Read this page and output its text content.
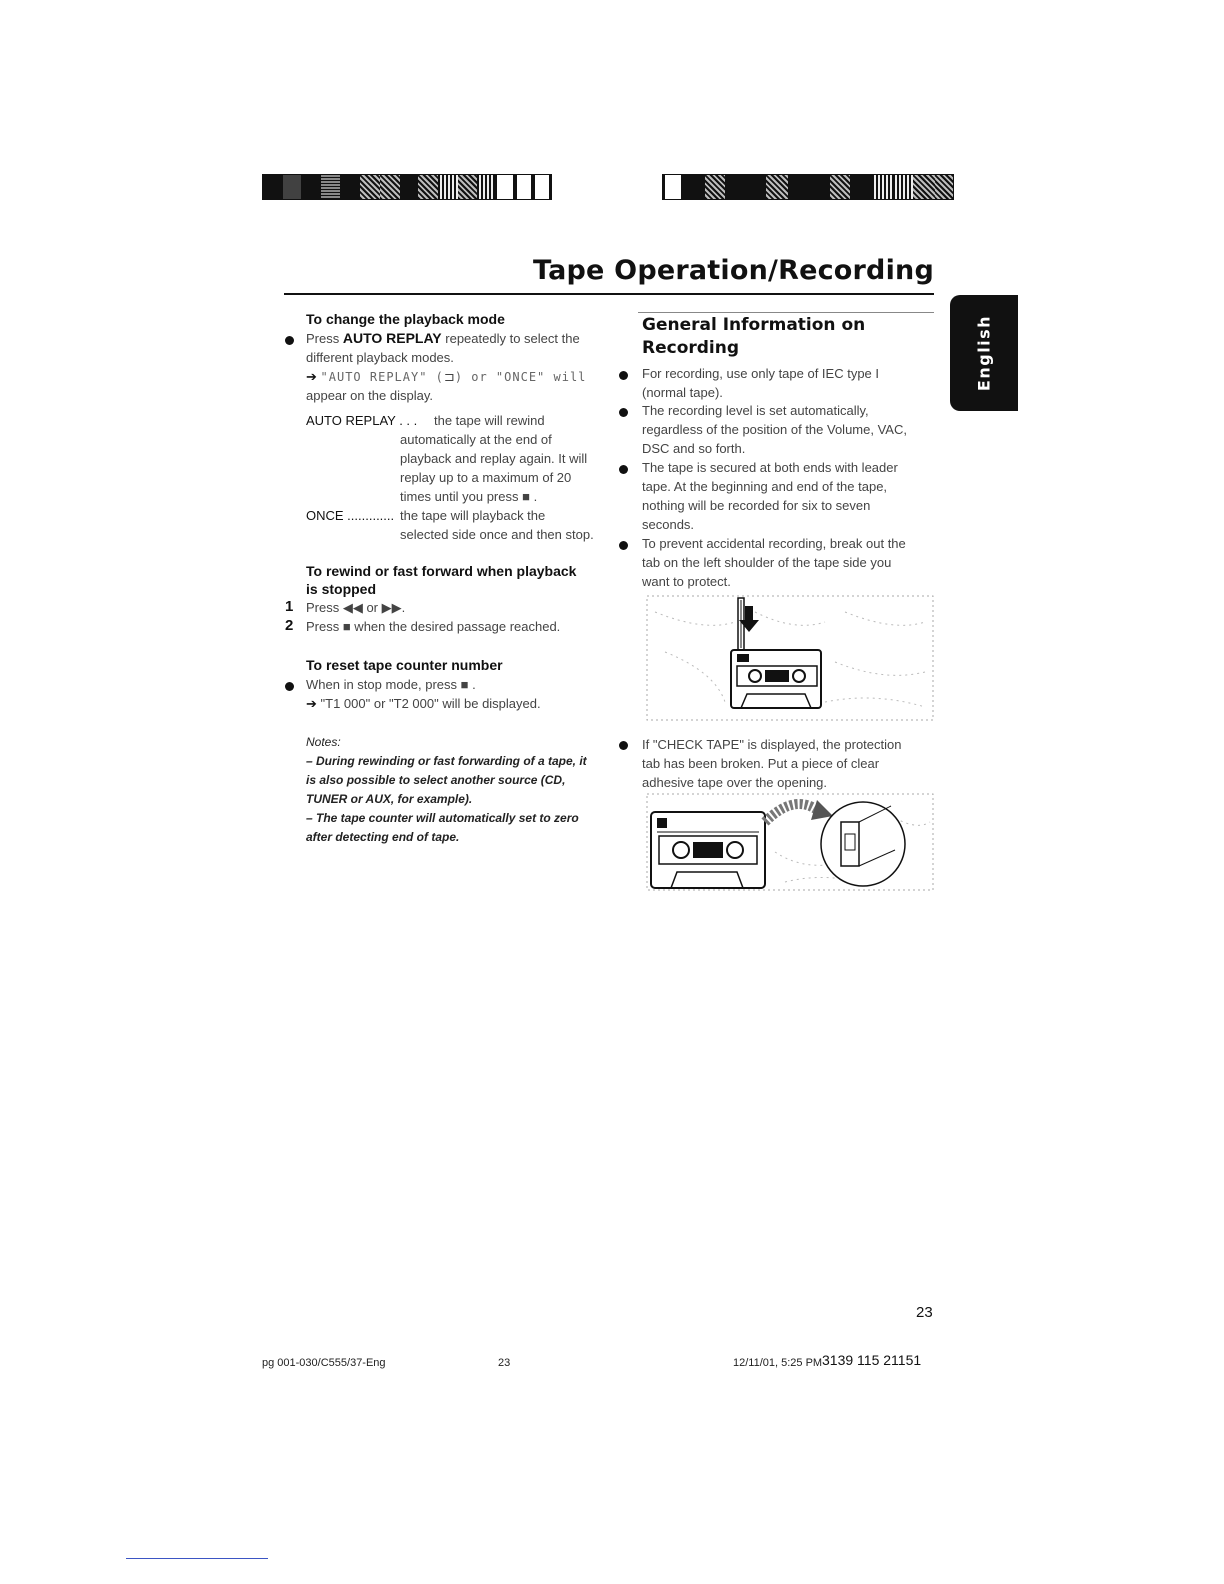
Tape Operation/Recording
English
To change the playback mode
Press AUTO REPLAY repeatedly to select the
different playback modes.
➔ "AUTO REPLAY" (⊐) or "ONCE" will
appear on the display.
AUTO REPLAY . . . the tape will rewind
automatically at the end of
playback and replay again. It will
replay up to a maximum of 20
times until you press ■ .
ONCE ............. the tape will playback the
selected side once and then stop.
To rewind or fast forward when playback
is stopped
1 Press ◀◀ or ▶▶.
2 Press ■ when the desired passage reached.
To reset tape counter number
When in stop mode, press ■ .
➔ "T1 000" or "T2 000" will be displayed.
Notes:
– During rewinding or fast forwarding of a tape, it
is also possible to select another source (CD,
TUNER or AUX, for example).
– The tape counter will automatically set to zero
after detecting end of tape.
General Information on
Recording
For recording, use only tape of IEC type I
(normal tape).
The recording level is set automatically,
regardless of the position of the Volume, VAC,
DSC and so forth.
The tape is secured at both ends with leader
tape. At the beginning and end of the tape,
nothing will be recorded for six to seven
seconds.
To prevent accidental recording, break out the
tab on the left shoulder of the tape side you
want to protect.
If "CHECK TAPE" is displayed, the protection
tab has been broken. Put a piece of clear
adhesive tape over the opening.
23
pg 001-030/C555/37-Eng	23	12/11/01, 5:25 PM 3139 115 21151
